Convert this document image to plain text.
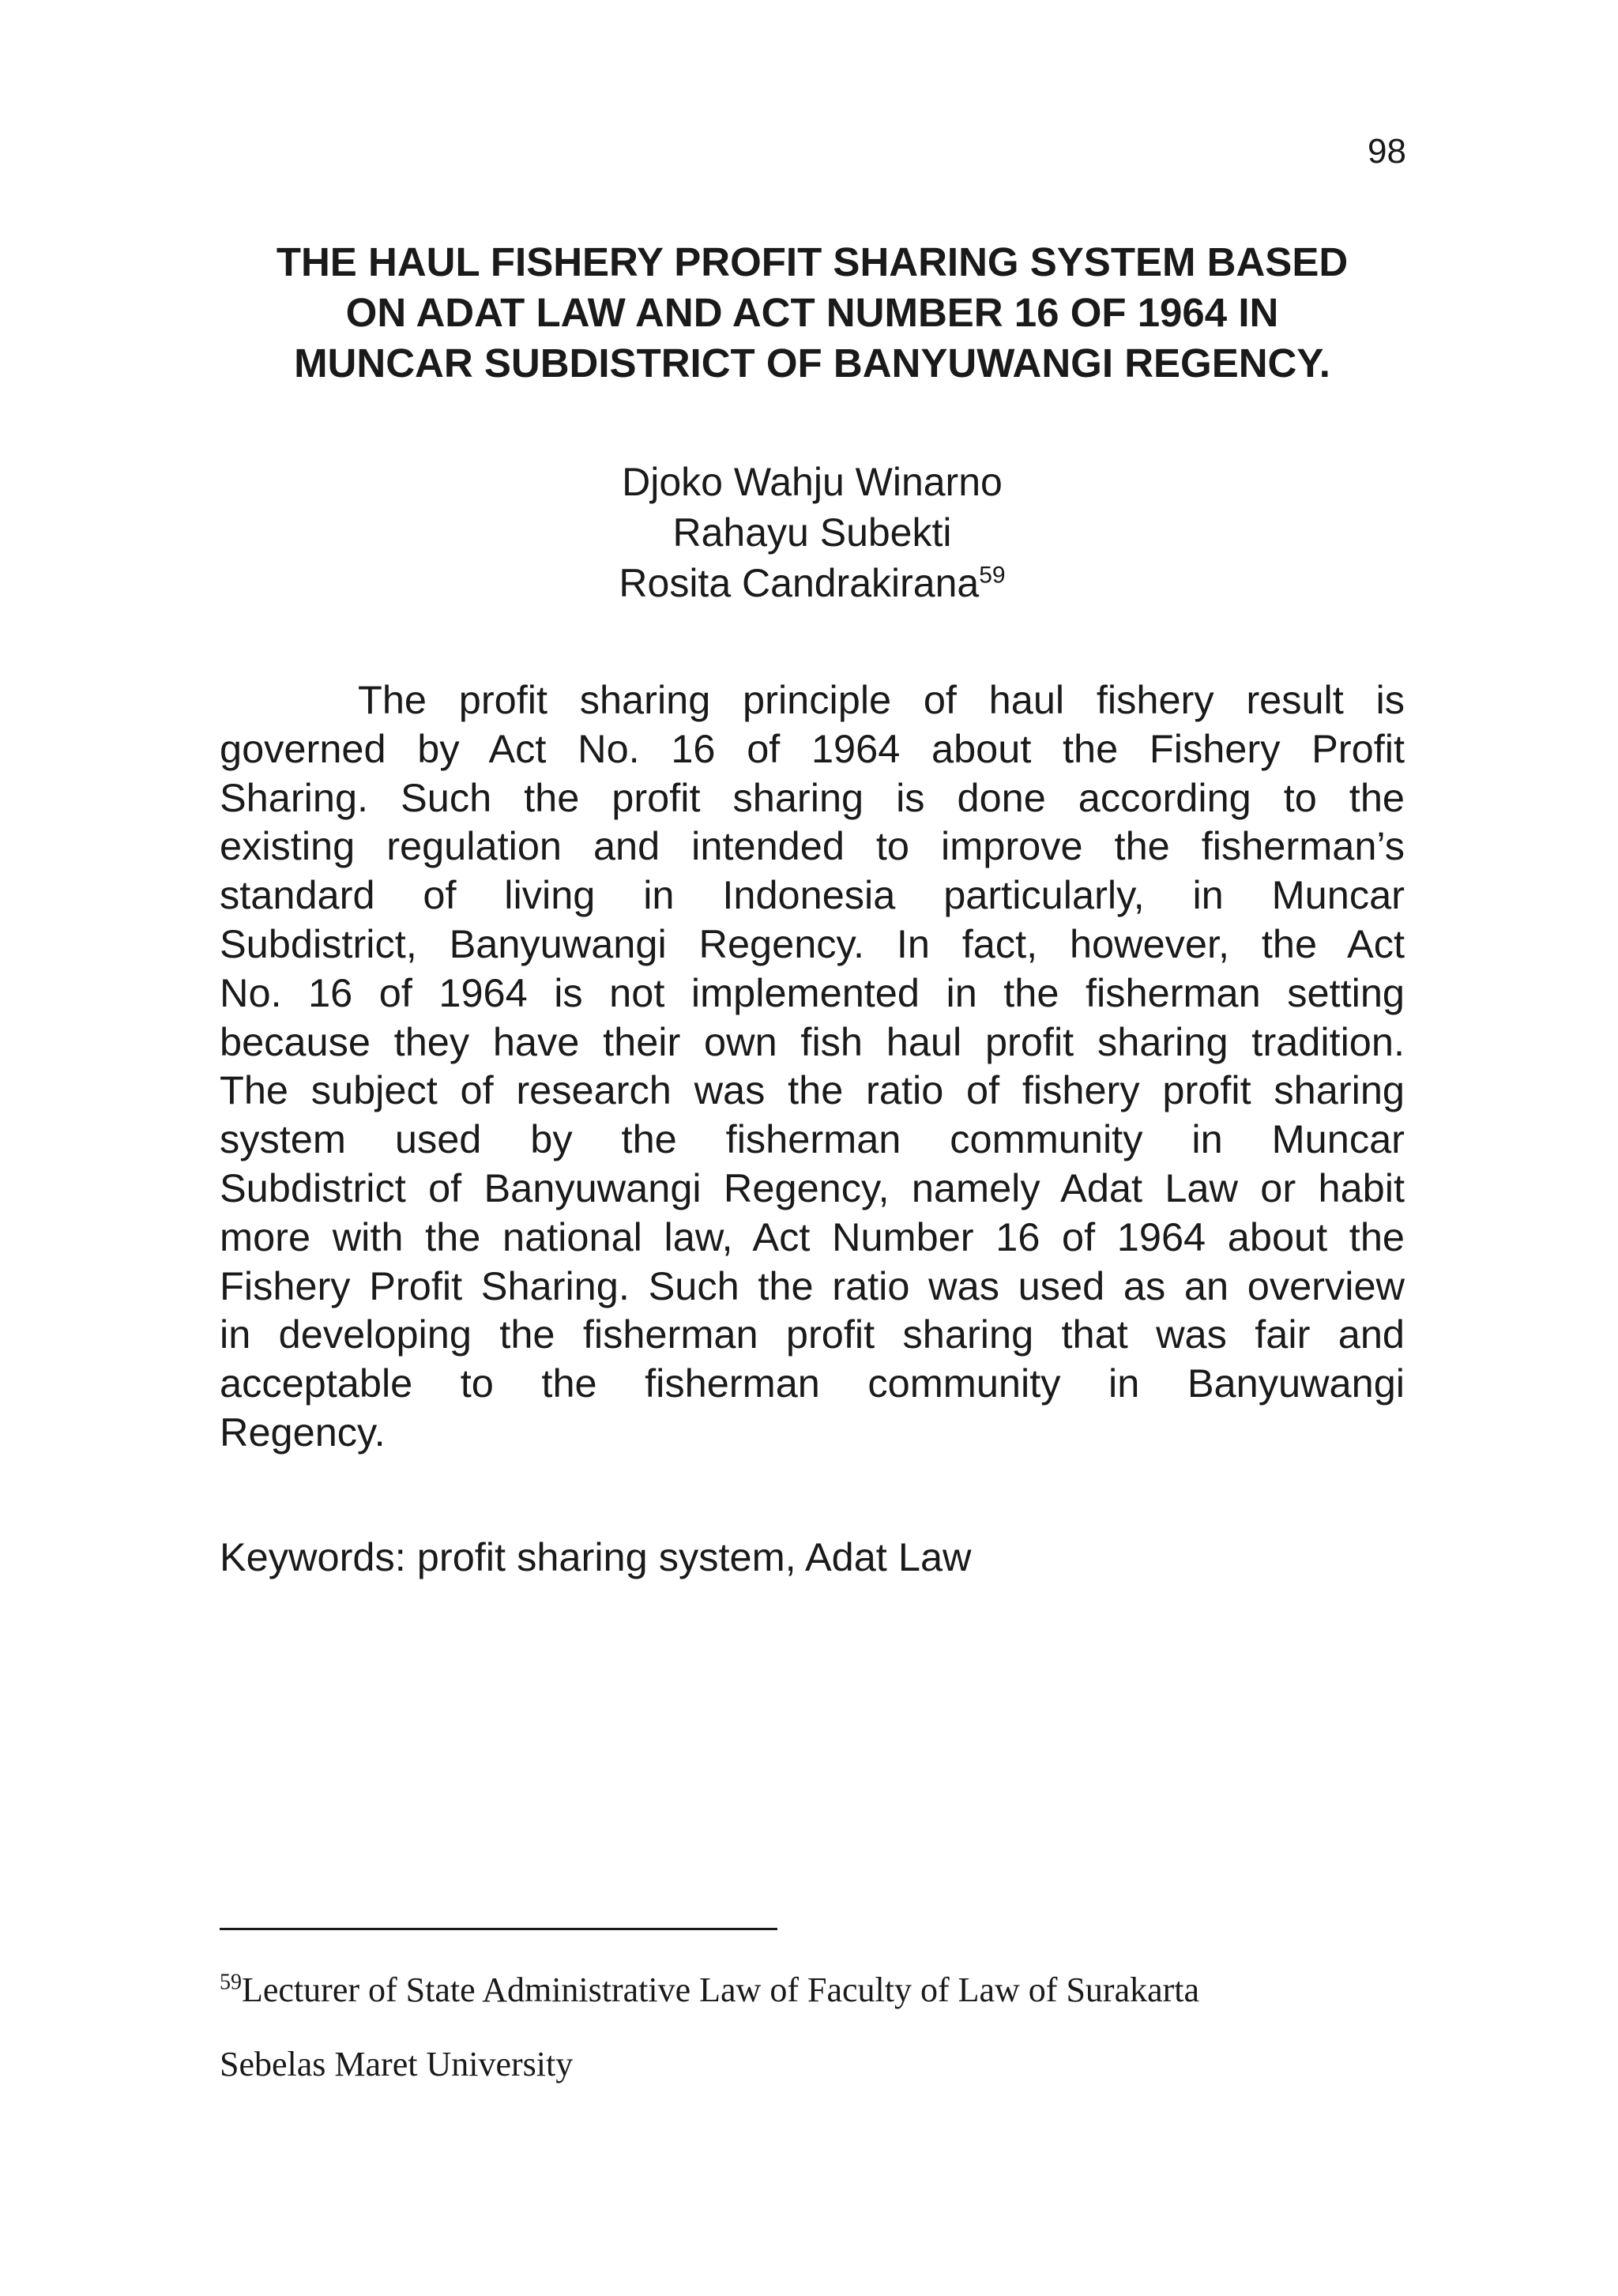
98
THE HAUL FISHERY PROFIT SHARING SYSTEM BASED
ON ADAT LAW AND ACT NUMBER 16 OF 1964 IN
MUNCAR SUBDISTRICT OF BANYUWANGI REGENCY.
Djoko Wahju Winarno
Rahayu Subekti
Rosita Candrakirana$^{59}$
The profit sharing principle of haul fishery result is
governed by Act No. 16 of 1964 about the Fishery Profit
Sharing. Such the profit sharing is done according to the
existing regulation and intended to improve the fisherman’s
standard of living in Indonesia particularly, in Muncar
Subdistrict, Banyuwangi Regency. In fact, however, the Act
No. 16 of 1964 is not implemented in the fisherman setting
because they have their own fish haul profit sharing tradition.
The subject of research was the ratio of fishery profit sharing
system used by the fisherman community in Muncar
Subdistrict of Banyuwangi Regency, namely Adat Law or habit
more with the national law, Act Number 16 of 1964 about the
Fishery Profit Sharing. Such the ratio was used as an overview
in developing the fisherman profit sharing that was fair and
acceptable to the fisherman community in Banyuwangi
Regency.
Keywords: profit sharing system, Adat Law
$^{59}$Lecturer of State Administrative Law of Faculty of Law of Surakarta
Sebelas Maret University
